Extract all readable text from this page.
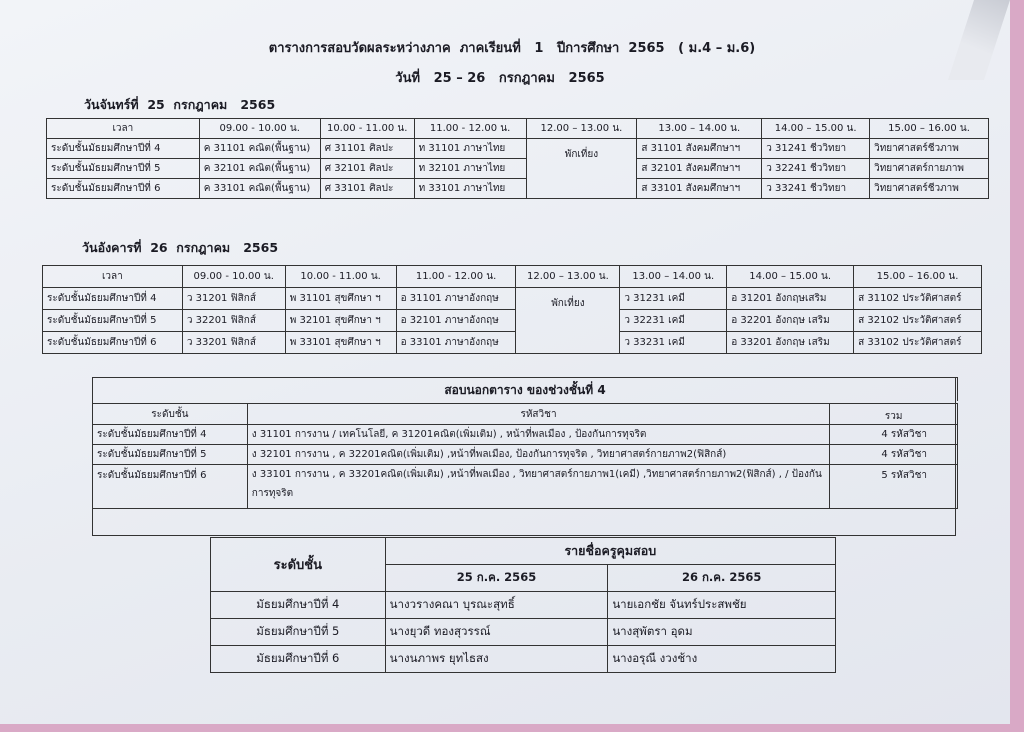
ตารางการสอบวัดผลระหว่างภาค  ภาคเรียนที่   1   ปีการศึกษา  2565   ( ม.4 – ม.6)
วันที่   25 – 26   กรกฎาคม   2565
วันจันทร์ที่  25  กรกฎาคม   2565
เวลา	09.00 - 10.00 น.	10.00 - 11.00 น.	11.00 - 12.00 น.	12.00 – 13.00 น.	13.00 – 14.00 น.	14.00 – 15.00 น.	15.00 – 16.00 น.
ระดับชั้นมัธยมศึกษาปีที่ 4	ค 31101 คณิต(พื้นฐาน)	ศ 31101 ศิลปะ	ท 31101 ภาษาไทย	พักเที่ยง	ส 31101 สังคมศึกษาฯ	ว 31241 ชีววิทยา	วิทยาศาสตร์ชีวภาพ
ระดับชั้นมัธยมศึกษาปีที่ 5	ค 32101 คณิต(พื้นฐาน)	ศ 32101 ศิลปะ	ท 32101 ภาษาไทย		ส 32101 สังคมศึกษาฯ	ว 32241 ชีววิทยา	วิทยาศาสตร์กายภาพ
ระดับชั้นมัธยมศึกษาปีที่ 6	ค 33101 คณิต(พื้นฐาน)	ศ 33101 ศิลปะ	ท 33101 ภาษาไทย		ส 33101 สังคมศึกษาฯ	ว 33241 ชีววิทยา	วิทยาศาสตร์ชีวภาพ
วันอังคารที่  26  กรกฎาคม   2565
เวลา	09.00 - 10.00 น.	10.00 - 11.00 น.	11.00 - 12.00 น.	12.00 – 13.00 น.	13.00 – 14.00 น.	14.00 – 15.00 น.	15.00 – 16.00 น.
ระดับชั้นมัธยมศึกษาปีที่ 4	ว 31201 ฟิสิกส์	พ 31101 สุขศึกษา ฯ	อ 31101 ภาษาอังกฤษ	พักเที่ยง	ว 31231 เคมี	อ 31201 อังกฤษเสริม	ส 31102 ประวัติศาสตร์
ระดับชั้นมัธยมศึกษาปีที่ 5	ว 32201 ฟิสิกส์	พ 32101 สุขศึกษา ฯ	อ 32101 ภาษาอังกฤษ		ว 32231 เคมี	อ 32201 อังกฤษ เสริม	ส 32102 ประวัติศาสตร์
ระดับชั้นมัธยมศึกษาปีที่ 6	ว 33201 ฟิสิกส์	พ 33101 สุขศึกษา ฯ	อ 33101 ภาษาอังกฤษ		ว 33231 เคมี	อ 33201 อังกฤษ เสริม	ส 33102 ประวัติศาสตร์
สอบนอกตาราง ของช่วงชั้นที่ 4
ระดับชั้น	รหัสวิชา	รวม
ระดับชั้นมัธยมศึกษาปีที่ 4	ง 31101 การงาน / เทคโนโลยี, ค 31201คณิต(เพิ่มเติม) , หน้าที่พลเมือง , ป้องกันการทุจริต	4 รหัสวิชา
ระดับชั้นมัธยมศึกษาปีที่ 5	ง 32101 การงาน , ค 32201คณิต(เพิ่มเติม) ,หน้าที่พลเมือง, ป้องกันการทุจริต , วิทยาศาสตร์กายภาพ2(ฟิสิกส์)	4 รหัสวิชา
ระดับชั้นมัธยมศึกษาปีที่ 6	ง 33101 การงาน , ค 33201คณิต(เพิ่มเติม) ,หน้าที่พลเมือง , วิทยาศาสตร์กายภาพ1(เคมี) ,วิทยาศาสตร์กายภาพ2(ฟิสิกส์) , / ป้องกันการทุจริต	5 รหัสวิชา
ระดับชั้น	รายชื่อครูคุมสอบ	
	25 ก.ค. 2565	26 ก.ค. 2565
มัธยมศึกษาปีที่ 4	นางวรางคณา บุรณะสุทธิ์	นายเอกชัย จันทร์ประสพชัย
มัธยมศึกษาปีที่ 5	นางยุวดี ทองสุวรรณ์	นางสุพัตรา อุดม
มัธยมศึกษาปีที่ 6	นางนภาพร ยุทไธสง	นางอรุณี งวงช้าง
